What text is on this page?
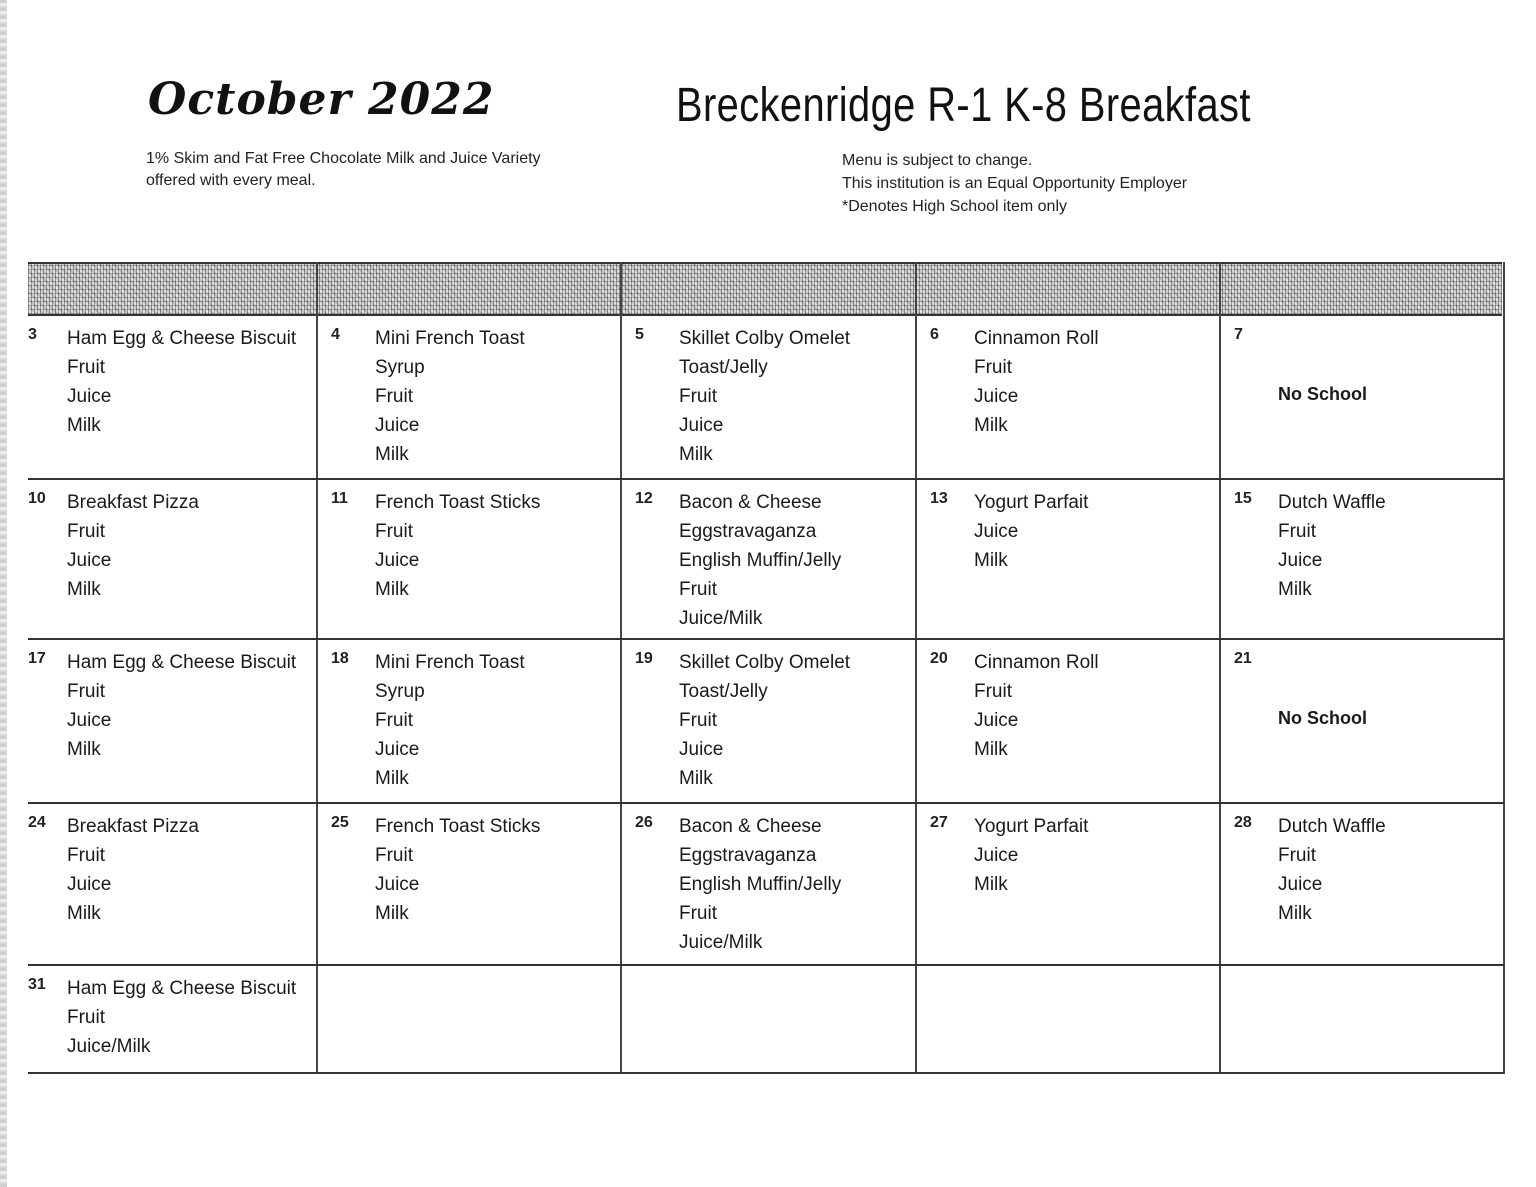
October 2022	Breckenridge R-1 K-8 Breakfast
1% Skim and Fat Free Chocolate Milk and Juice Variety
offered with every meal.
Menu is subject to change.
This institution is an Equal Opportunity Employer
*Denotes High School item only
3 Ham Egg & Cheese Biscuit
Fruit
Juice
Milk
4 Mini French Toast
Syrup
Fruit
Juice
Milk
5 Skillet Colby Omelet
Toast/Jelly
Fruit
Juice
Milk
6 Cinnamon Roll
Fruit
Juice
Milk
7
No School
10 Breakfast Pizza
Fruit
Juice
Milk
11 French Toast Sticks
Fruit
Juice
Milk
12 Bacon & Cheese Eggstravaganza
English Muffin/Jelly
Fruit
Juice/Milk
13 Yogurt Parfait
Juice
Milk
15 Dutch Waffle
Fruit
Juice
Milk
17 Ham Egg & Cheese Biscuit
Fruit
Juice
Milk
18 Mini French Toast
Syrup
Fruit
Juice
Milk
19 Skillet Colby Omelet
Toast/Jelly
Fruit
Juice
Milk
20 Cinnamon Roll
Fruit
Juice
Milk
21
No School
24 Breakfast Pizza
Fruit
Juice
Milk
25 French Toast Sticks
Fruit
Juice
Milk
26 Bacon & Cheese Eggstravaganza
English Muffin/Jelly
Fruit
Juice/Milk
27 Yogurt Parfait
Juice
Milk
28 Dutch Waffle
Fruit
Juice
Milk
31 Ham Egg & Cheese Biscuit
Fruit
Juice/Milk
